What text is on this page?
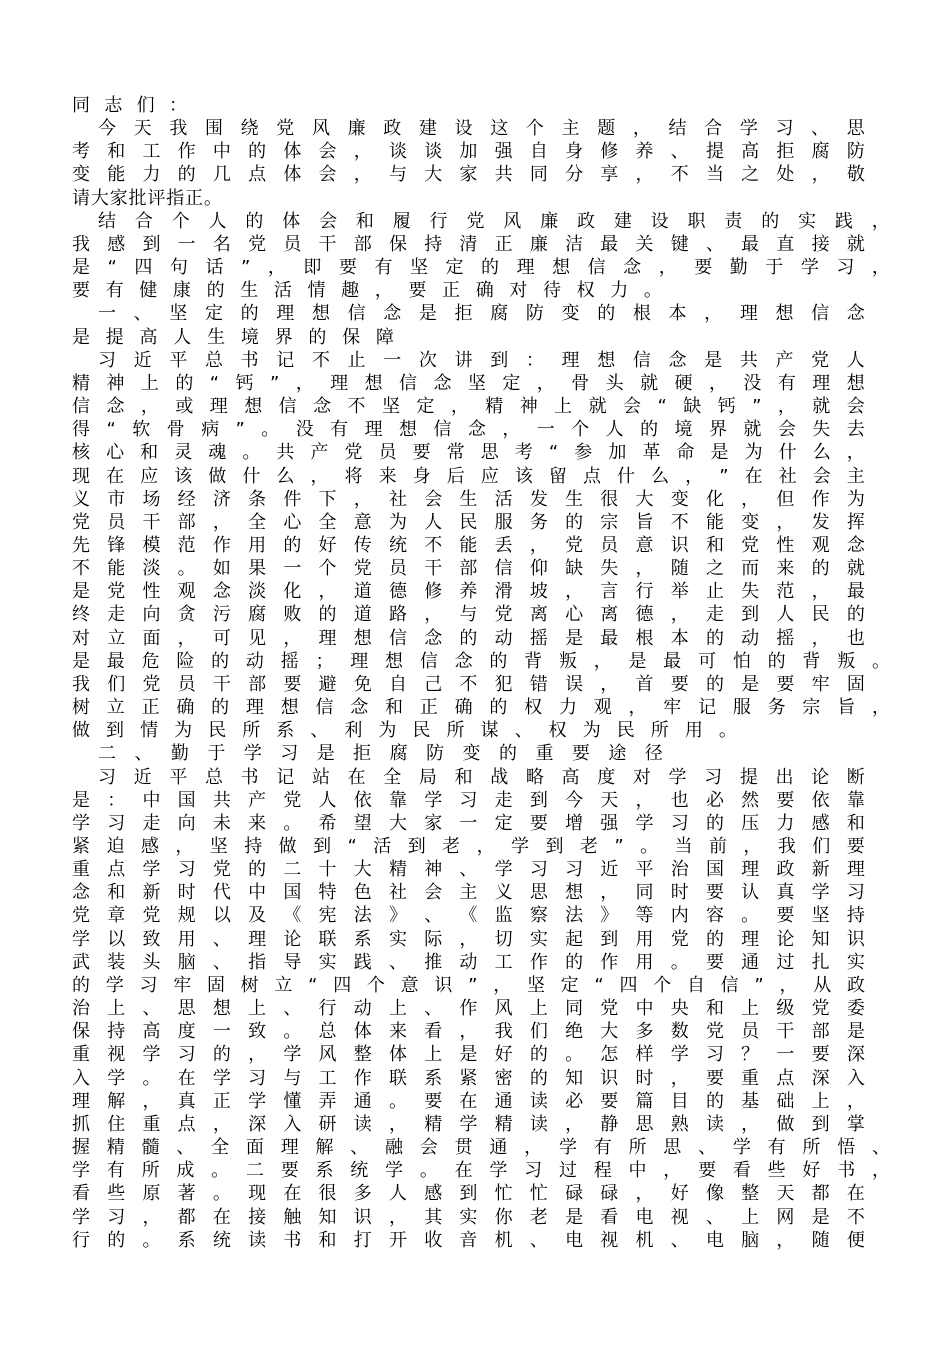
同 志 们 ：
今 天 我 围 绕 党 风 廉 政 建 设 这 个 主 题 ， 结 合 学 习 、 思
考 和 工 作 中 的 体 会 ， 谈 谈 加 强 自 身 修 养 、 提 高 拒 腐 防
变 能 力 的 几 点 体 会 ， 与 大 家 共 同 分 享 ， 不 当 之 处 ， 敬
请 大 家 批 评 指 正 。
结 合 个 人 的 体 会 和 履 行 党 风 廉 政 建 设 职 责 的 实 践 ，
我 感 到 一 名 党 员 干 部 保 持 清 正 廉 洁 最 关 键 、 最 直 接 就
是 “ 四 句 话 ” ， 即 要 有 坚 定 的 理 想 信 念 ， 要 勤 于 学 习 ，
要 有 健 康 的 生 活 情 趣 ， 要 正 确 对 待 权 力 。
一 、 坚 定 的 理 想 信 念 是 拒 腐 防 变 的 根 本 ， 理 想 信 念
是 提 高 人 生 境 界 的 保 障
习 近 平 总 书 记 不 止 一 次 讲 到 ： 理 想 信 念 是 共 产 党 人
精 神 上 的 “ 钙 ” ， 理 想 信 念 坚 定 ， 骨 头 就 硬 ， 没 有 理 想
信 念 ， 或 理 想 信 念 不 坚 定 ， 精 神 上 就 会 “ 缺 钙 ” ， 就 会
得 “ 软 骨 病 ” 。 没 有 理 想 信 念 ， 一 个 人 的 境 界 就 会 失 去
核 心 和 灵 魂 。 共 产 党 员 要 常 思 考 “ 参 加 革 命 是 为 什 么 ，
现 在 应 该 做 什 么 ， 将 来 身 后 应 该 留 点 什 么 ， ” 在 社 会 主
义 市 场 经 济 条 件 下 ， 社 会 生 活 发 生 很 大 变 化 ， 但 作 为
党 员 干 部 ， 全 心 全 意 为 人 民 服 务 的 宗 旨 不 能 变 ， 发 挥
先 锋 模 范 作 用 的 好 传 统 不 能 丢 ， 党 员 意 识 和 党 性 观 念
不 能 淡 。 如 果 一 个 党 员 干 部 信 仰 缺 失 ， 随 之 而 来 的 就
是 党 性 观 念 淡 化 ， 道 德 修 养 滑 坡 ， 言 行 举 止 失 范 ， 最
终 走 向 贪 污 腐 败 的 道 路 ， 与 党 离 心 离 德 ， 走 到 人 民 的
对 立 面 ， 可 见 ， 理 想 信 念 的 动 摇 是 最 根 本 的 动 摇 ， 也
是 最 危 险 的 动 摇 ； 理 想 信 念 的 背 叛 ， 是 最 可 怕 的 背 叛 。
我 们 党 员 干 部 要 避 免 自 己 不 犯 错 误 ， 首 要 的 是 要 牢 固
树 立 正 确 的 理 想 信 念 和 正 确 的 权 力 观 ， 牢 记 服 务 宗 旨 ，
做 到 情 为 民 所 系 、 利 为 民 所 谋 、 权 为 民 所 用 。
二 、 勤 于 学 习 是 拒 腐 防 变 的 重 要 途 径
习 近 平 总 书 记 站 在 全 局 和 战 略 高 度 对 学 习 提 出 论 断
是 ： 中 国 共 产 党 人 依 靠 学 习 走 到 今 天 ， 也 必 然 要 依 靠
学 习 走 向 未 来 。 希 望 大 家 一 定 要 增 强 学 习 的 压 力 感 和
紧 迫 感 ， 坚 持 做 到 “ 活 到 老 ， 学 到 老 ” 。 当 前 ， 我 们 要
重 点 学 习 党 的 二 十 大 精 神 、 学 习 习 近 平 治 国 理 政 新 理
念 和 新 时 代 中 国 特 色 社 会 主 义 思 想 ， 同 时 要 认 真 学 习
党 章 党 规 以 及 《 宪 法 》 、 《 监 察 法 》 等 内 容 。 要 坚 持
学 以 致 用 、 理 论 联 系 实 际 ， 切 实 起 到 用 党 的 理 论 知 识
武 装 头 脑 、 指 导 实 践 、 推 动 工 作 的 作 用 。 要 通 过 扎 实
的 学 习 牢 固 树 立 “ 四 个 意 识 ” ， 坚 定 “ 四 个 自 信 ” ， 从 政
治 上 、 思 想 上 、 行 动 上 、 作 风 上 同 党 中 央 和 上 级 党 委
保 持 高 度 一 致 。 总 体 来 看 ， 我 们 绝 大 多 数 党 员 干 部 是
重 视 学 习 的 ， 学 风 整 体 上 是 好 的 。 怎 样 学 习 ？ 一 要 深
入 学 。 在 学 习 与 工 作 联 系 紧 密 的 知 识 时 ， 要 重 点 深 入
理 解 ， 真 正 学 懂 弄 通 。 要 在 通 读 必 要 篇 目 的 基 础 上 ，
抓 住 重 点 ， 深 入 研 读 ， 精 学 精 读 ， 静 思 熟 读 ， 做 到 掌
握 精 髓 、 全 面 理 解 、 融 会 贯 通 ， 学 有 所 思 、 学 有 所 悟 、
学 有 所 成 。 二 要 系 统 学 。 在 学 习 过 程 中 ， 要 看 些 好 书 ，
看 些 原 著 。 现 在 很 多 人 感 到 忙 忙 碌 碌 ， 好 像 整 天 都 在
学 习 ， 都 在 接 触 知 识 ， 其 实 你 老 是 看 电 视 、 上 网 是 不
行 的 。 系 统 读 书 和 打 开 收 音 机 、 电 视 机 、 电 脑 ， 随 便
